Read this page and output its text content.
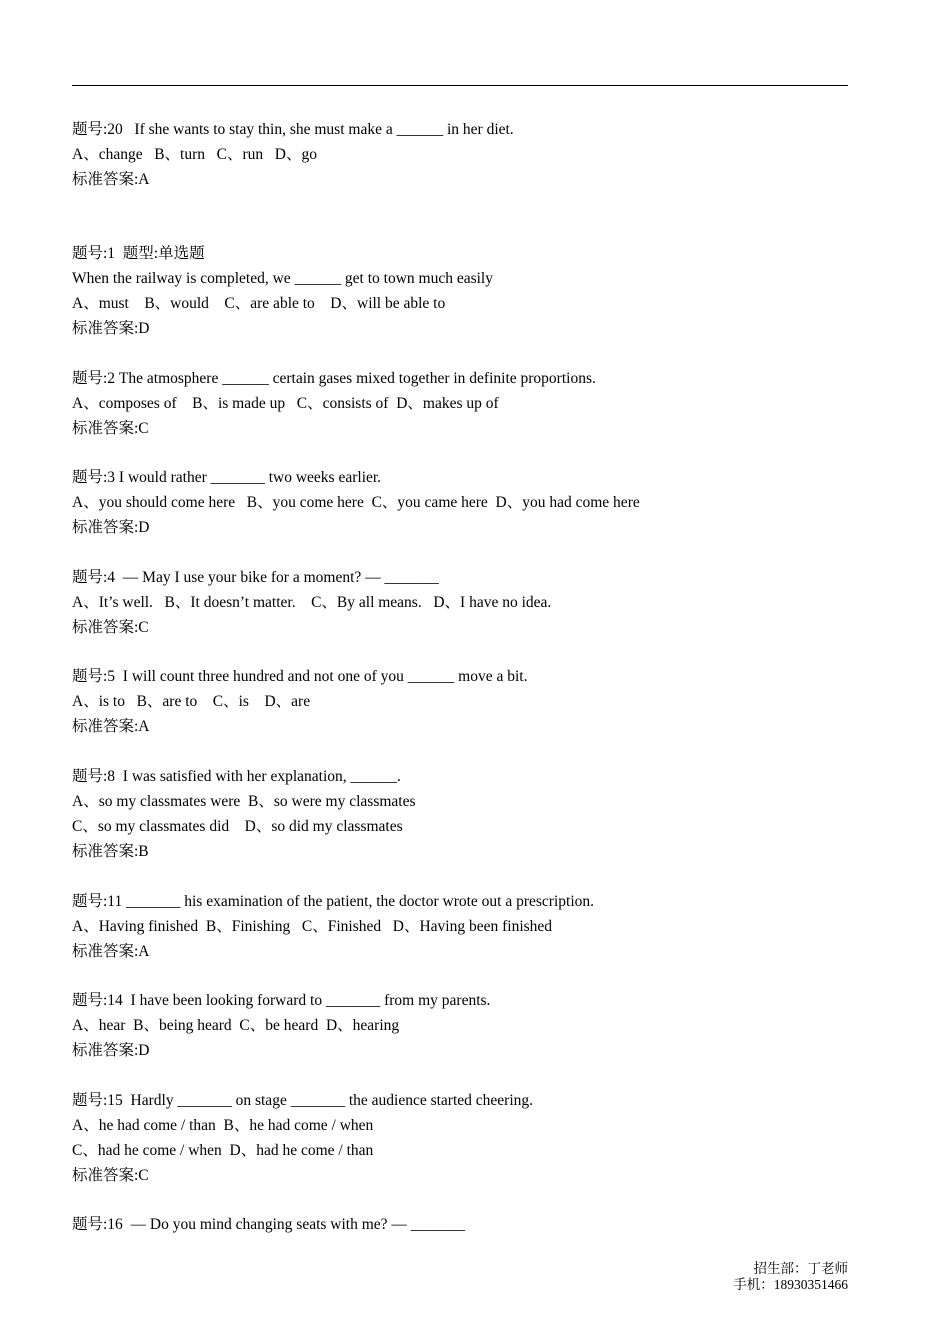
题号:20   If she wants to stay thin, she must make a ______ in her diet.
A、change   B、turn   C、run   D、go
标准答案:A
题号:1  题型:单选题
When the railway is completed, we ______ get to town much easily
A、must    B、would    C、are able to    D、will be able to
标准答案:D
题号:2 The atmosphere ______ certain gases mixed together in definite proportions.
A、composes of    B、is made up   C、consists of  D、makes up of
标准答案:C
题号:3 I would rather _______ two weeks earlier.
A、you should come here   B、you come here  C、you came here  D、you had come here
标准答案:D
题号:4  — May I use your bike for a moment? — _______
A、It’s well.   B、It doesn’t matter.    C、By all means.   D、I have no idea.
标准答案:C
题号:5  I will count three hundred and not one of you ______ move a bit.
A、is to   B、are to    C、is    D、are
标准答案:A
题号:8  I was satisfied with her explanation, ______.
A、so my classmates were  B、so were my classmates
C、so my classmates did    D、so did my classmates
标准答案:B
题号:11 _______ his examination of the patient, the doctor wrote out a prescription.
A、Having finished  B、Finishing   C、Finished   D、Having been finished
标准答案:A
题号:14  I have been looking forward to _______ from my parents.
A、hear  B、being heard  C、be heard  D、hearing
标准答案:D
题号:15  Hardly _______ on stage _______ the audience started cheering.
A、he had come / than  B、he had come / when
C、had he come / when  D、had he come / than
标准答案:C
题号:16  — Do you mind changing seats with me? — _______
招生部：丁老师
手机：18930351466
